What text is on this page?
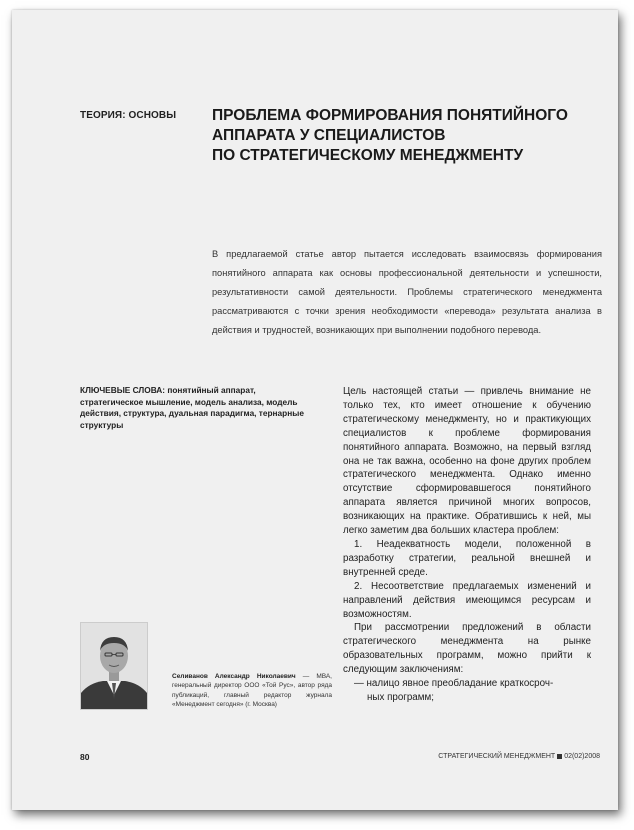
ТЕОРИЯ: ОСНОВЫ ПРОБЛЕМА ФОРМИРОВАНИЯ ПОНЯТИЙНОГО
АППАРАТА У СПЕЦИАЛИСТОВ
ПО СТРАТЕГИЧЕСКОМУ МЕНЕДЖМЕНТУ

В предлагаемой статье автор пытается исследовать взаимосвязь формирования понятийного аппарата как основы профессиональной деятельности и успешности, результативности самой деятельности. Проблемы стратегического менеджмента рассматриваются с точки зрения необходимости «перевода» результата анализа в действия и трудностей, возникающих при выполнении подобного перевода.

КЛЮЧЕВЫЕ СЛОВА: понятийный аппарат, стратегическое мышление, модель анализа, модель действия, структура, дуальная парадигма, тернарные структуры

Цель настоящей статьи — привлечь внимание не только тех, кто имеет отношение к обучению стратегическому менеджменту, но и практикующих специалистов к проблеме формирования понятийного аппарата. Возможно, на первый взгляд она не так важна, особенно на фоне других проблем стратегического менеджмента. Однако именно отсутствие сформировавшегося понятийного аппарата является причиной многих вопросов, возникающих на практике. Обратившись к ней, мы легко заметим два больших кластера проблем:

1. Неадекватность модели, положенной в разработку стратегии, реальной внешней и внутренней среде.

2. Несоответствие предлагаемых изменений и направлений действия имеющимся ресурсам и возможностям.

При рассмотрении предложений в области стратегического менеджмента на рынке образовательных программ, можно прийти к следующим заключениям:

— налицо явное преобладание краткосроч-

ных программ;

Селиванов Александр Николаевич — МВА, генеральный директор ООО «Той Рус», автор ряда публикаций, главный редактор журнала «Менеджмент сегодня» (г. Москва)
80	СТРАТЕГИЧЕСКИЙ МЕНЕДЖМЕНТ 02(02)2008
